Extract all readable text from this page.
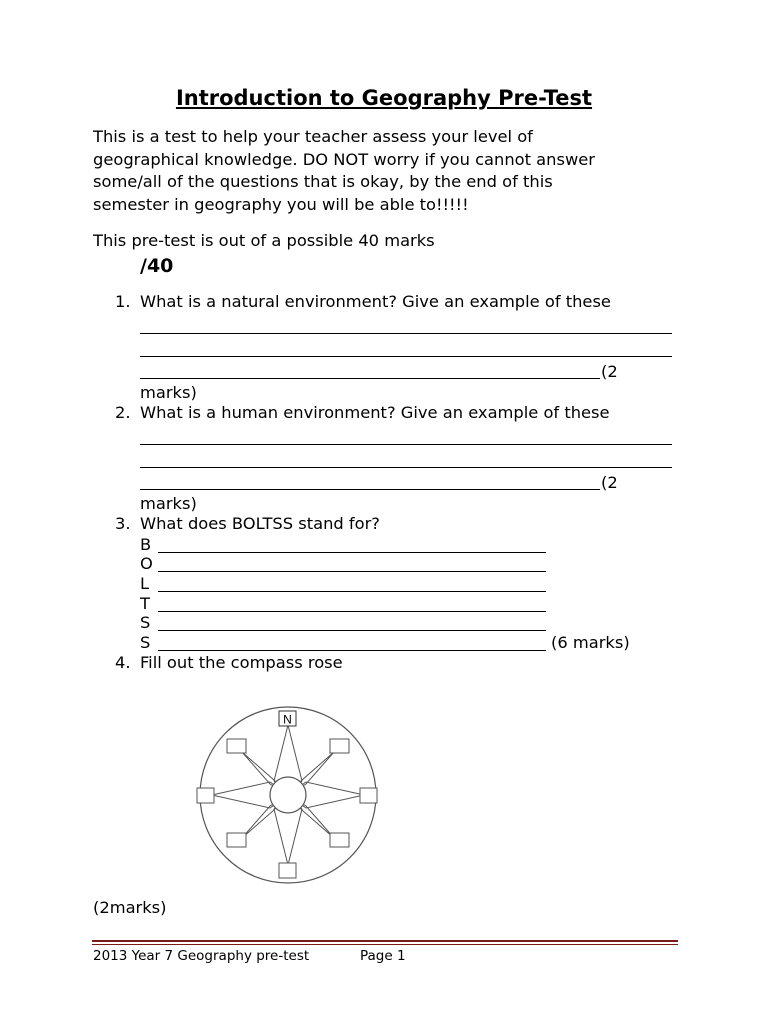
Introduction to Geography Pre-Test
This is a test to help your teacher assess your level of
geographical knowledge. DO NOT worry if you cannot answer
some/all of the questions that is okay, by the end of this
semester in geography you will be able to!!!!!
This pre-test is out of a possible 40 marks
/40
1. What is a natural environment? Give an example of these
(2
marks)
2. What is a human environment? Give an example of these
(2
marks)
3. What does BOLTSS stand for?
B
O
L
T
S
S	(6 marks)
4. Fill out the compass rose
N
(2marks)
2013 Year 7 Geography pre-test	Page 1
